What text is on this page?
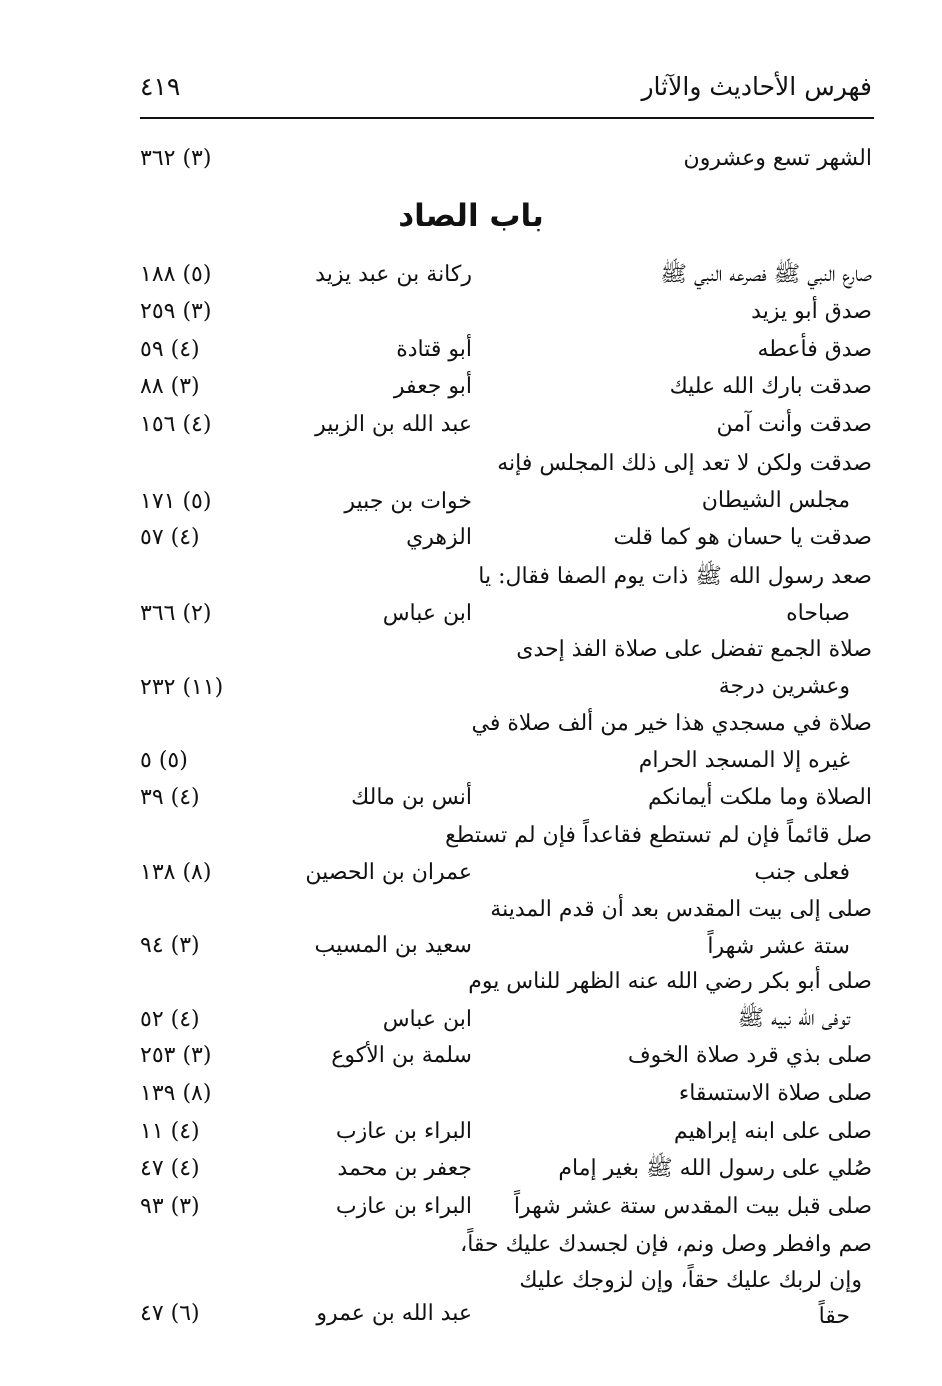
فهرس الأحاديث والآثار
٤١٩
الشهر تسع وعشرون
(٣) ٣٦٢
باب الصاد
صارع النبي ﷺ فصرعه النبي ﷺ
ركانة بن عبد يزيد
(٥) ١٨٨
صدق أبو يزيد
(٣) ٢٥٩
صدق فأعطه
أبو قتادة
(٤) ٥٩
صدقت بارك الله عليك
أبو جعفر
(٣) ٨٨
صدقت وأنت آمن
عبد الله بن الزبير
(٤) ١٥٦
صدقت ولكن لا تعد إلى ذلك المجلس فإنه
مجلس الشيطان
خوات بن جبير
(٥) ١٧١
صدقت يا حسان هو كما قلت
الزهري
(٤) ٥٧
صعد رسول الله ﷺ ذات يوم الصفا فقال: يا
صباحاه
ابن عباس
(٢) ٣٦٦
صلاة الجمع تفضل على صلاة الفذ إحدى
وعشرين درجة
(١١) ٢٣٢
صلاة في مسجدي هذا خير من ألف صلاة في
غيره إلا المسجد الحرام
(٥) ٥
الصلاة وما ملكت أيمانكم
أنس بن مالك
(٤) ٣٩
صل قائماً فإن لم تستطع فقاعداً فإن لم تستطع
فعلى جنب
عمران بن الحصين
(٨) ١٣٨
صلى إلى بيت المقدس بعد أن قدم المدينة
ستة عشر شهراً
سعيد بن المسيب
(٣) ٩٤
صلى أبو بكر رضي الله عنه الظهر للناس يوم
توفى الله نبيه ﷺ
ابن عباس
(٤) ٥٢
صلى بذي قرد صلاة الخوف
سلمة بن الأكوع
(٣) ٢٥٣
صلى صلاة الاستسقاء
(٨) ١٣٩
صلى على ابنه إبراهيم
البراء بن عازب
(٤) ١١
صُلي على رسول الله ﷺ بغير إمام
جعفر بن محمد
(٤) ٤٧
صلى قبل بيت المقدس ستة عشر شهراً
البراء بن عازب
(٣) ٩٣
صم وافطر وصل ونم، فإن لجسدك عليك حقاً،
وإن لربك عليك حقاً، وإن لزوجك عليك
حقاً
عبد الله بن عمرو
(٦) ٤٧
